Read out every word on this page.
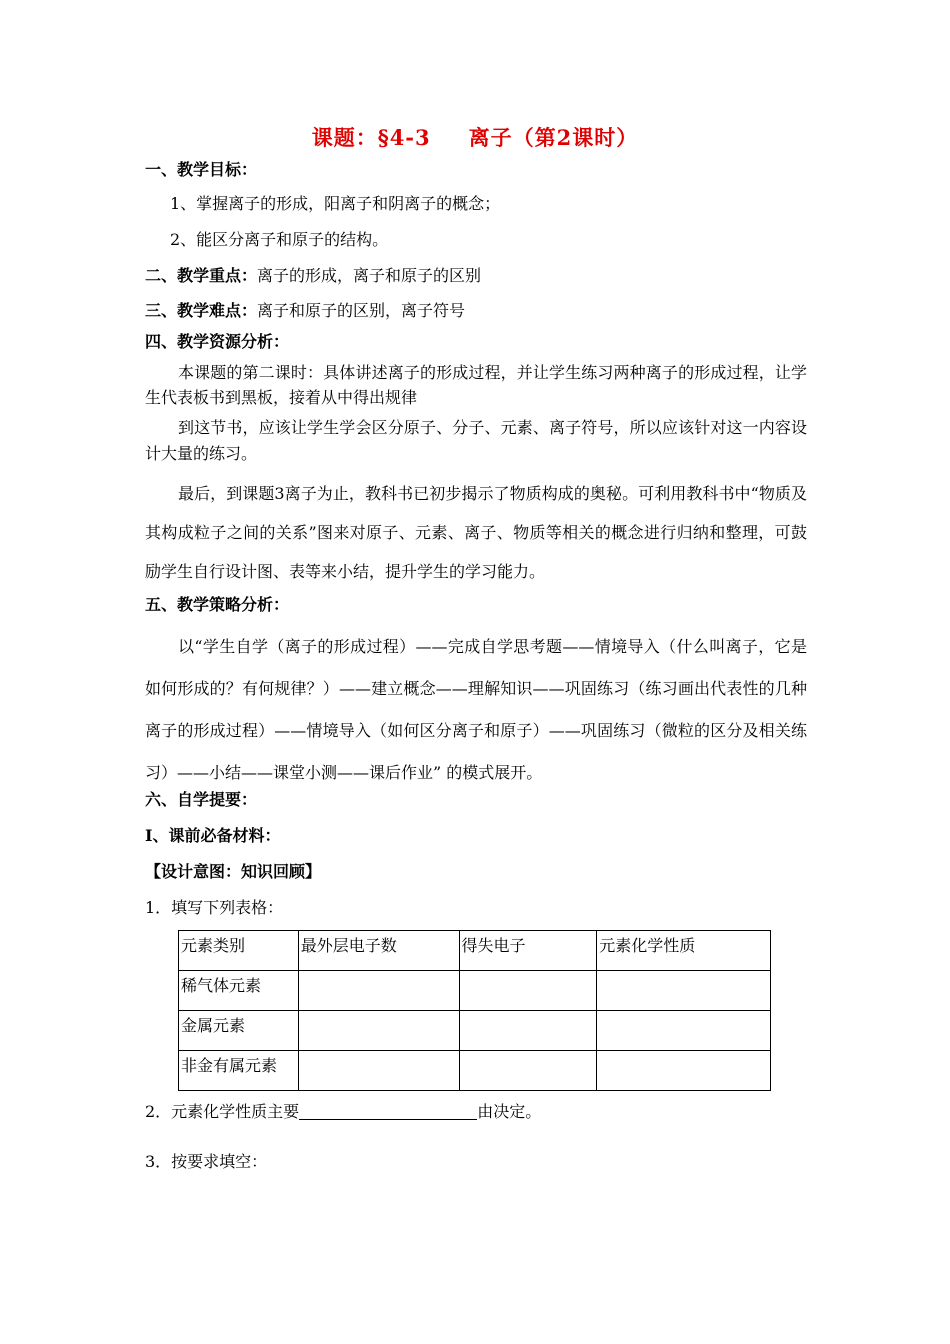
课题：§4-3 离子（第2课时）
一、教学目标：
1、掌握离子的形成，阳离子和阴离子的概念；
2、能区分离子和原子的结构。
二、教学重点：离子的形成，离子和原子的区别
三、教学难点：离子和原子的区别，离子符号
四、教学资源分析：

本课题的第二课时：具体讲述离子的形成过程，并让学生练习两种离子的形成过程，让学生代表板书到黑板，接着从中得出规律

到这节书，应该让学生学会区分原子、分子、元素、离子符号，所以应该针对这一内容设计大量的练习。

最后，到课题3离子为止，教科书已初步揭示了物质构成的奥秘。可利用教科书中“物质及其构成粒子之间的关系”图来对原子、元素、离子、物质等相关的概念进行归纳和整理，可鼓励学生自行设计图、表等来小结，提升学生的学习能力。

五、教学策略分析：

以“学生自学（离子的形成过程）——完成自学思考题——情境导入（什么叫离子，它是如何形成的？有何规律？）——建立概念——理解知识——巩固练习（练习画出代表性的几种离子的形成过程）——情境导入（如何区分离子和原子）——巩固练习（微粒的区分及相关练习）——小结——课堂小测——课后作业” 的模式展开。

六、自学提要：
Ⅰ、课前必备材料：
【设计意图：知识回顾】
1．填写下列表格：
元素类别	最外层电子数	得失电子	元素化学性质
稀气体元素			
金属元素			
非金有属元素			
2．元素化学性质主要	由决定。
3．按要求填空：
